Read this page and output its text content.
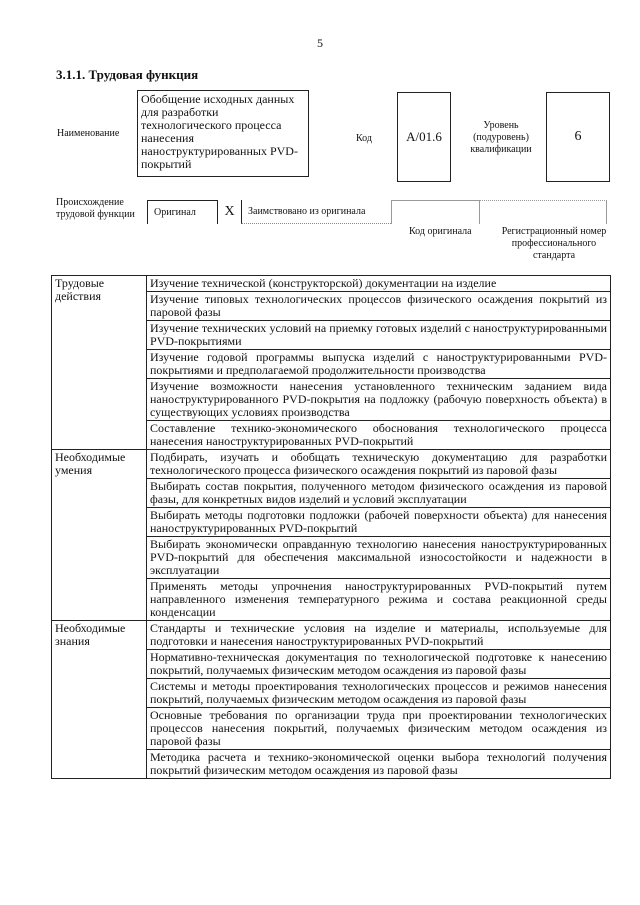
5
3.1.1. Трудовая функция
Наименование
Обобщение исходных данных для разработки технологического процесса нанесения наноструктурированных PVD-покрытий
Код	A/01.6
Уровень (подуровень) квалификации
6
Происхождение трудовой функции	Оригинал	X	Заимствовано из оригинала
Код оригинала	Регистрационный номер профессионального стандарта
Трудовые действия	Изучение технической (конструкторской) документации на изделие
	Изучение типовых технологических процессов физического осаждения покрытий из паровой фазы
	Изучение технических условий на приемку готовых изделий с наноструктурированными PVD-покрытиями
	Изучение годовой программы выпуска изделий с наноструктурированными PVD-покрытиями и предполагаемой продолжительности производства
	Изучение возможности нанесения установленного техническим заданием вида наноструктурированного PVD-покрытия на подложку (рабочую поверхность объекта) в существующих условиях производства
	Составление технико-экономического обоснования технологического процесса нанесения наноструктурированных PVD-покрытий
Необходимые умения	Подбирать, изучать и обобщать техническую документацию для разработки технологического процесса физического осаждения покрытий из паровой фазы
	Выбирать состав покрытия, полученного методом физического осаждения из паровой фазы, для конкретных видов изделий и условий эксплуатации
	Выбирать методы подготовки подложки (рабочей поверхности объекта) для нанесения наноструктурированных PVD-покрытий
	Выбирать экономически оправданную технологию нанесения наноструктурированных PVD-покрытий для обеспечения максимальной износостойкости и надежности в эксплуатации
	Применять методы упрочнения наноструктурированных PVD-покрытий путем направленного изменения температурного режима и состава реакционной среды конденсации
Необходимые знания	Стандарты и технические условия на изделие и материалы, используемые для подготовки и нанесения наноструктурированных PVD-покрытий
	Нормативно-техническая документация по технологической подготовке к нанесению покрытий, получаемых физическим методом осаждения из паровой фазы
	Системы и методы проектирования технологических процессов и режимов нанесения покрытий, получаемых физическим методом осаждения из паровой фазы
	Основные требования по организации труда при проектировании технологических процессов нанесения покрытий, получаемых физическим методом осаждения из паровой фазы
	Методика расчета и технико-экономической оценки выбора технологий получения покрытий физическим методом осаждения из паровой фазы
